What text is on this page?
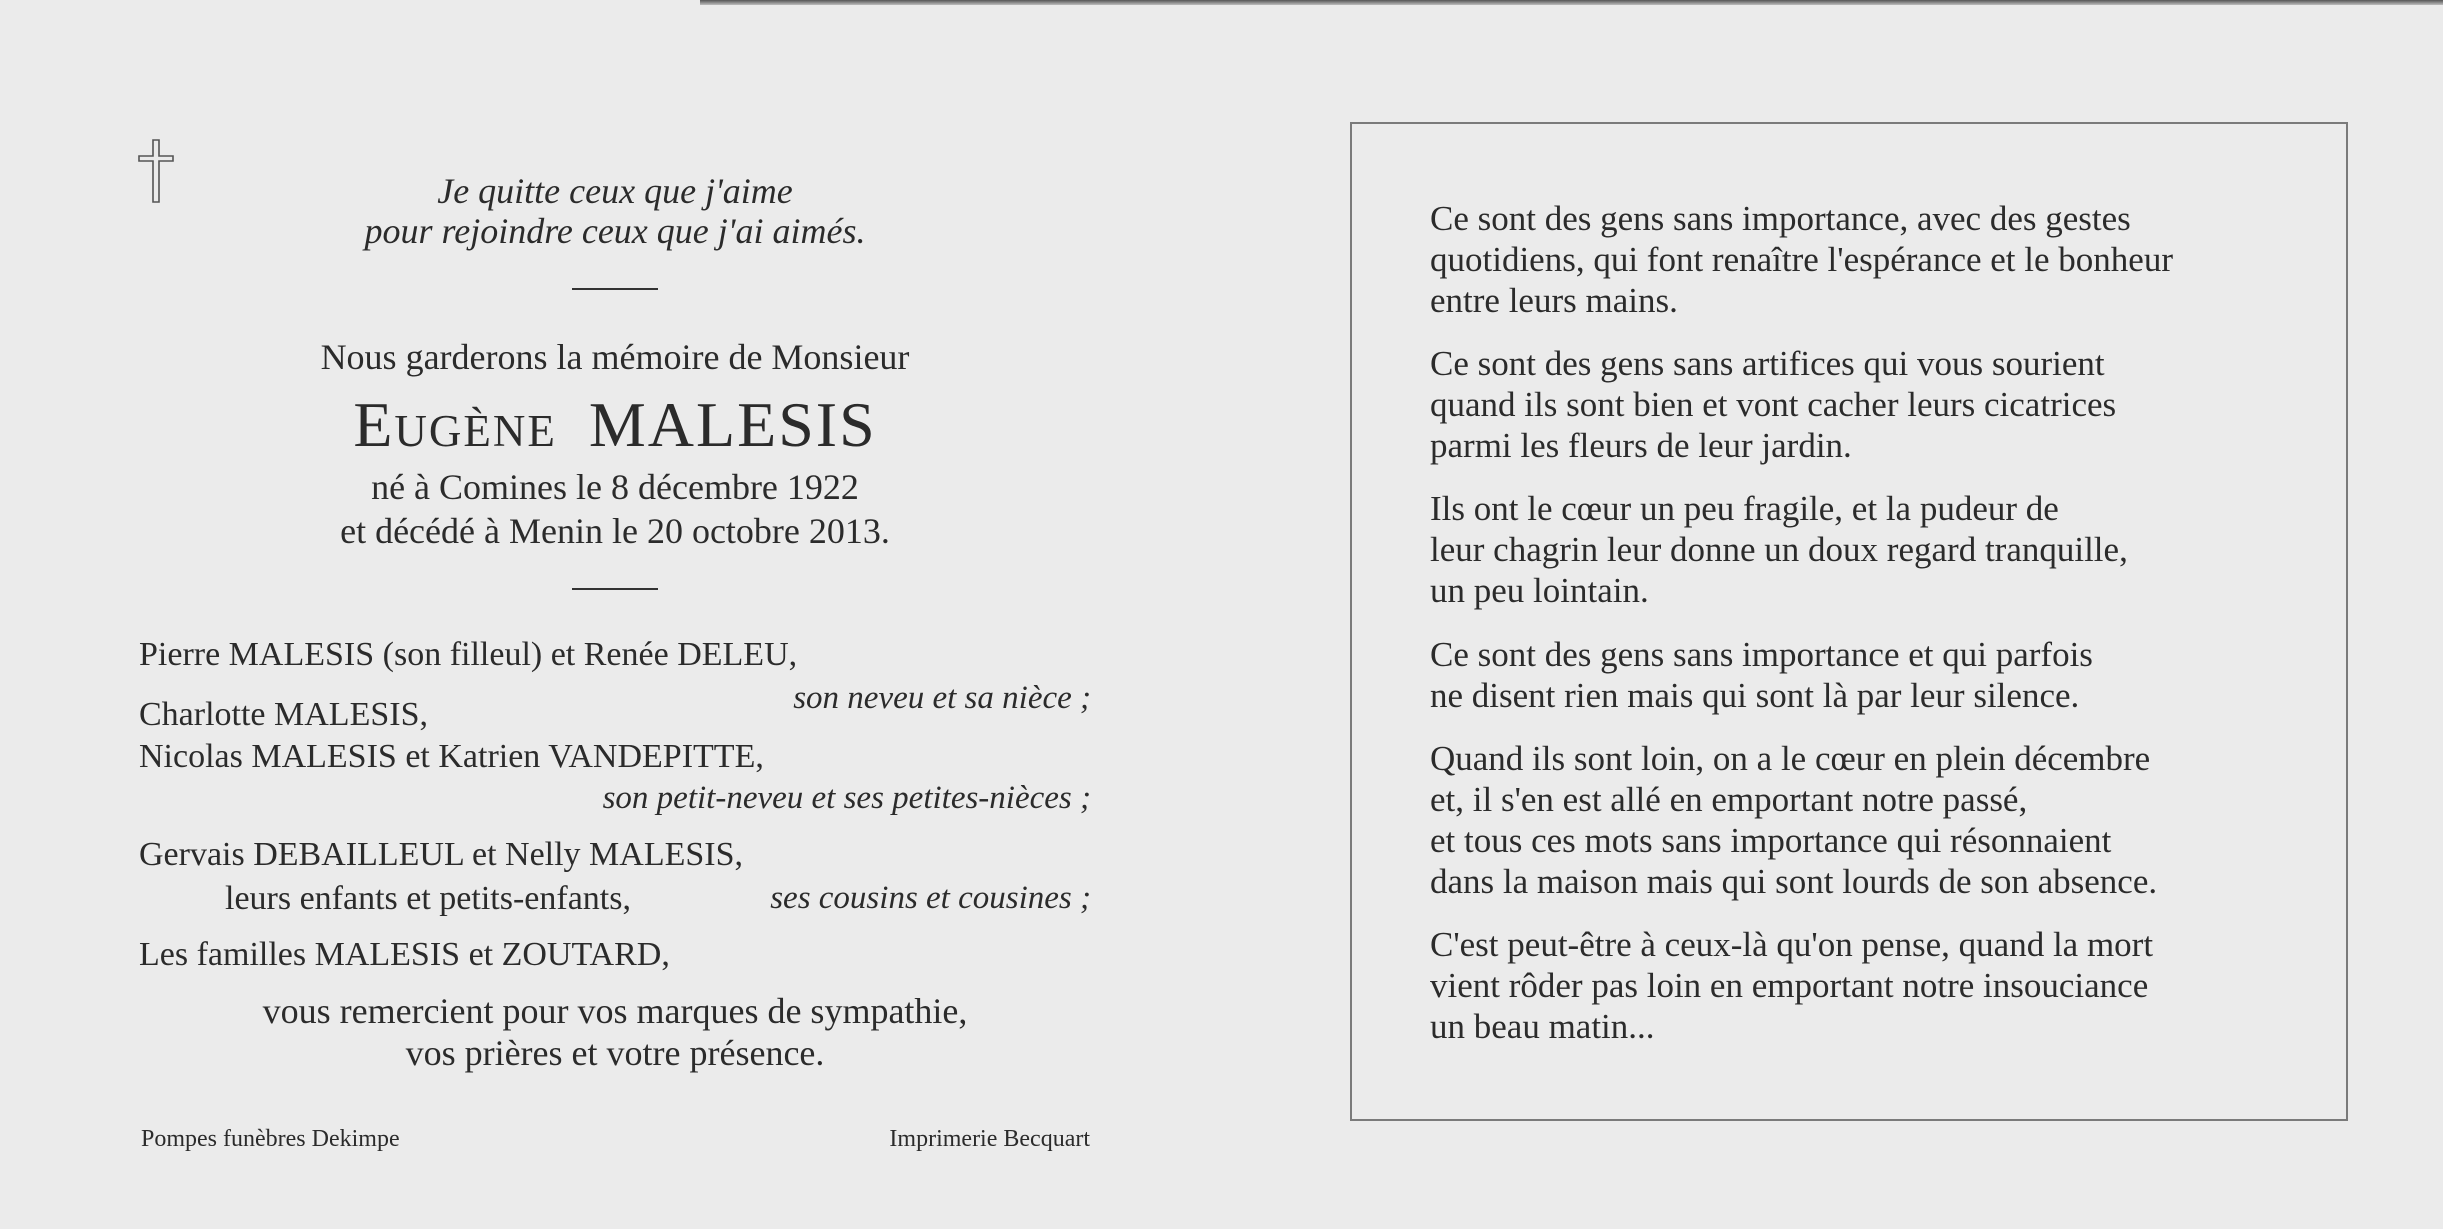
Je quitte ceux que j'aime
pour rejoindre ceux que j'ai aimés.
Nous garderons la mémoire de Monsieur
Eugène MALESIS
né à Comines le 8 décembre 1922
et décédé à Menin le 20 octobre 2013.
Pierre MALESIS (son filleul) et Renée DELEU,
son neveu et sa nièce ;
Charlotte MALESIS,
Nicolas MALESIS et Katrien VANDEPITTE,
son petit-neveu et ses petites-nièces ;
Gervais DEBAILLEUL et Nelly MALESIS,
leurs enfants et petits-enfants,	ses cousins et cousines ;
Les familles MALESIS et ZOUTARD,
vous remercient pour vos marques de sympathie,
vos prières et votre présence.
Pompes funèbres Dekimpe	Imprimerie Becquart
Ce sont des gens sans importance, avec des gestes
quotidiens, qui font renaître l'espérance et le bonheur
entre leurs mains.
Ce sont des gens sans artifices qui vous sourient
quand ils sont bien et vont cacher leurs cicatrices
parmi les fleurs de leur jardin.
Ils ont le cœur un peu fragile, et la pudeur de
leur chagrin leur donne un doux regard tranquille,
un peu lointain.
Ce sont des gens sans importance et qui parfois
ne disent rien mais qui sont là par leur silence.
Quand ils sont loin, on a le cœur en plein décembre
et, il s'en est allé en emportant notre passé,
et tous ces mots sans importance qui résonnaient
dans la maison mais qui sont lourds de son absence.
C'est peut-être à ceux-là qu'on pense, quand la mort
vient rôder pas loin en emportant notre insouciance
un beau matin...
